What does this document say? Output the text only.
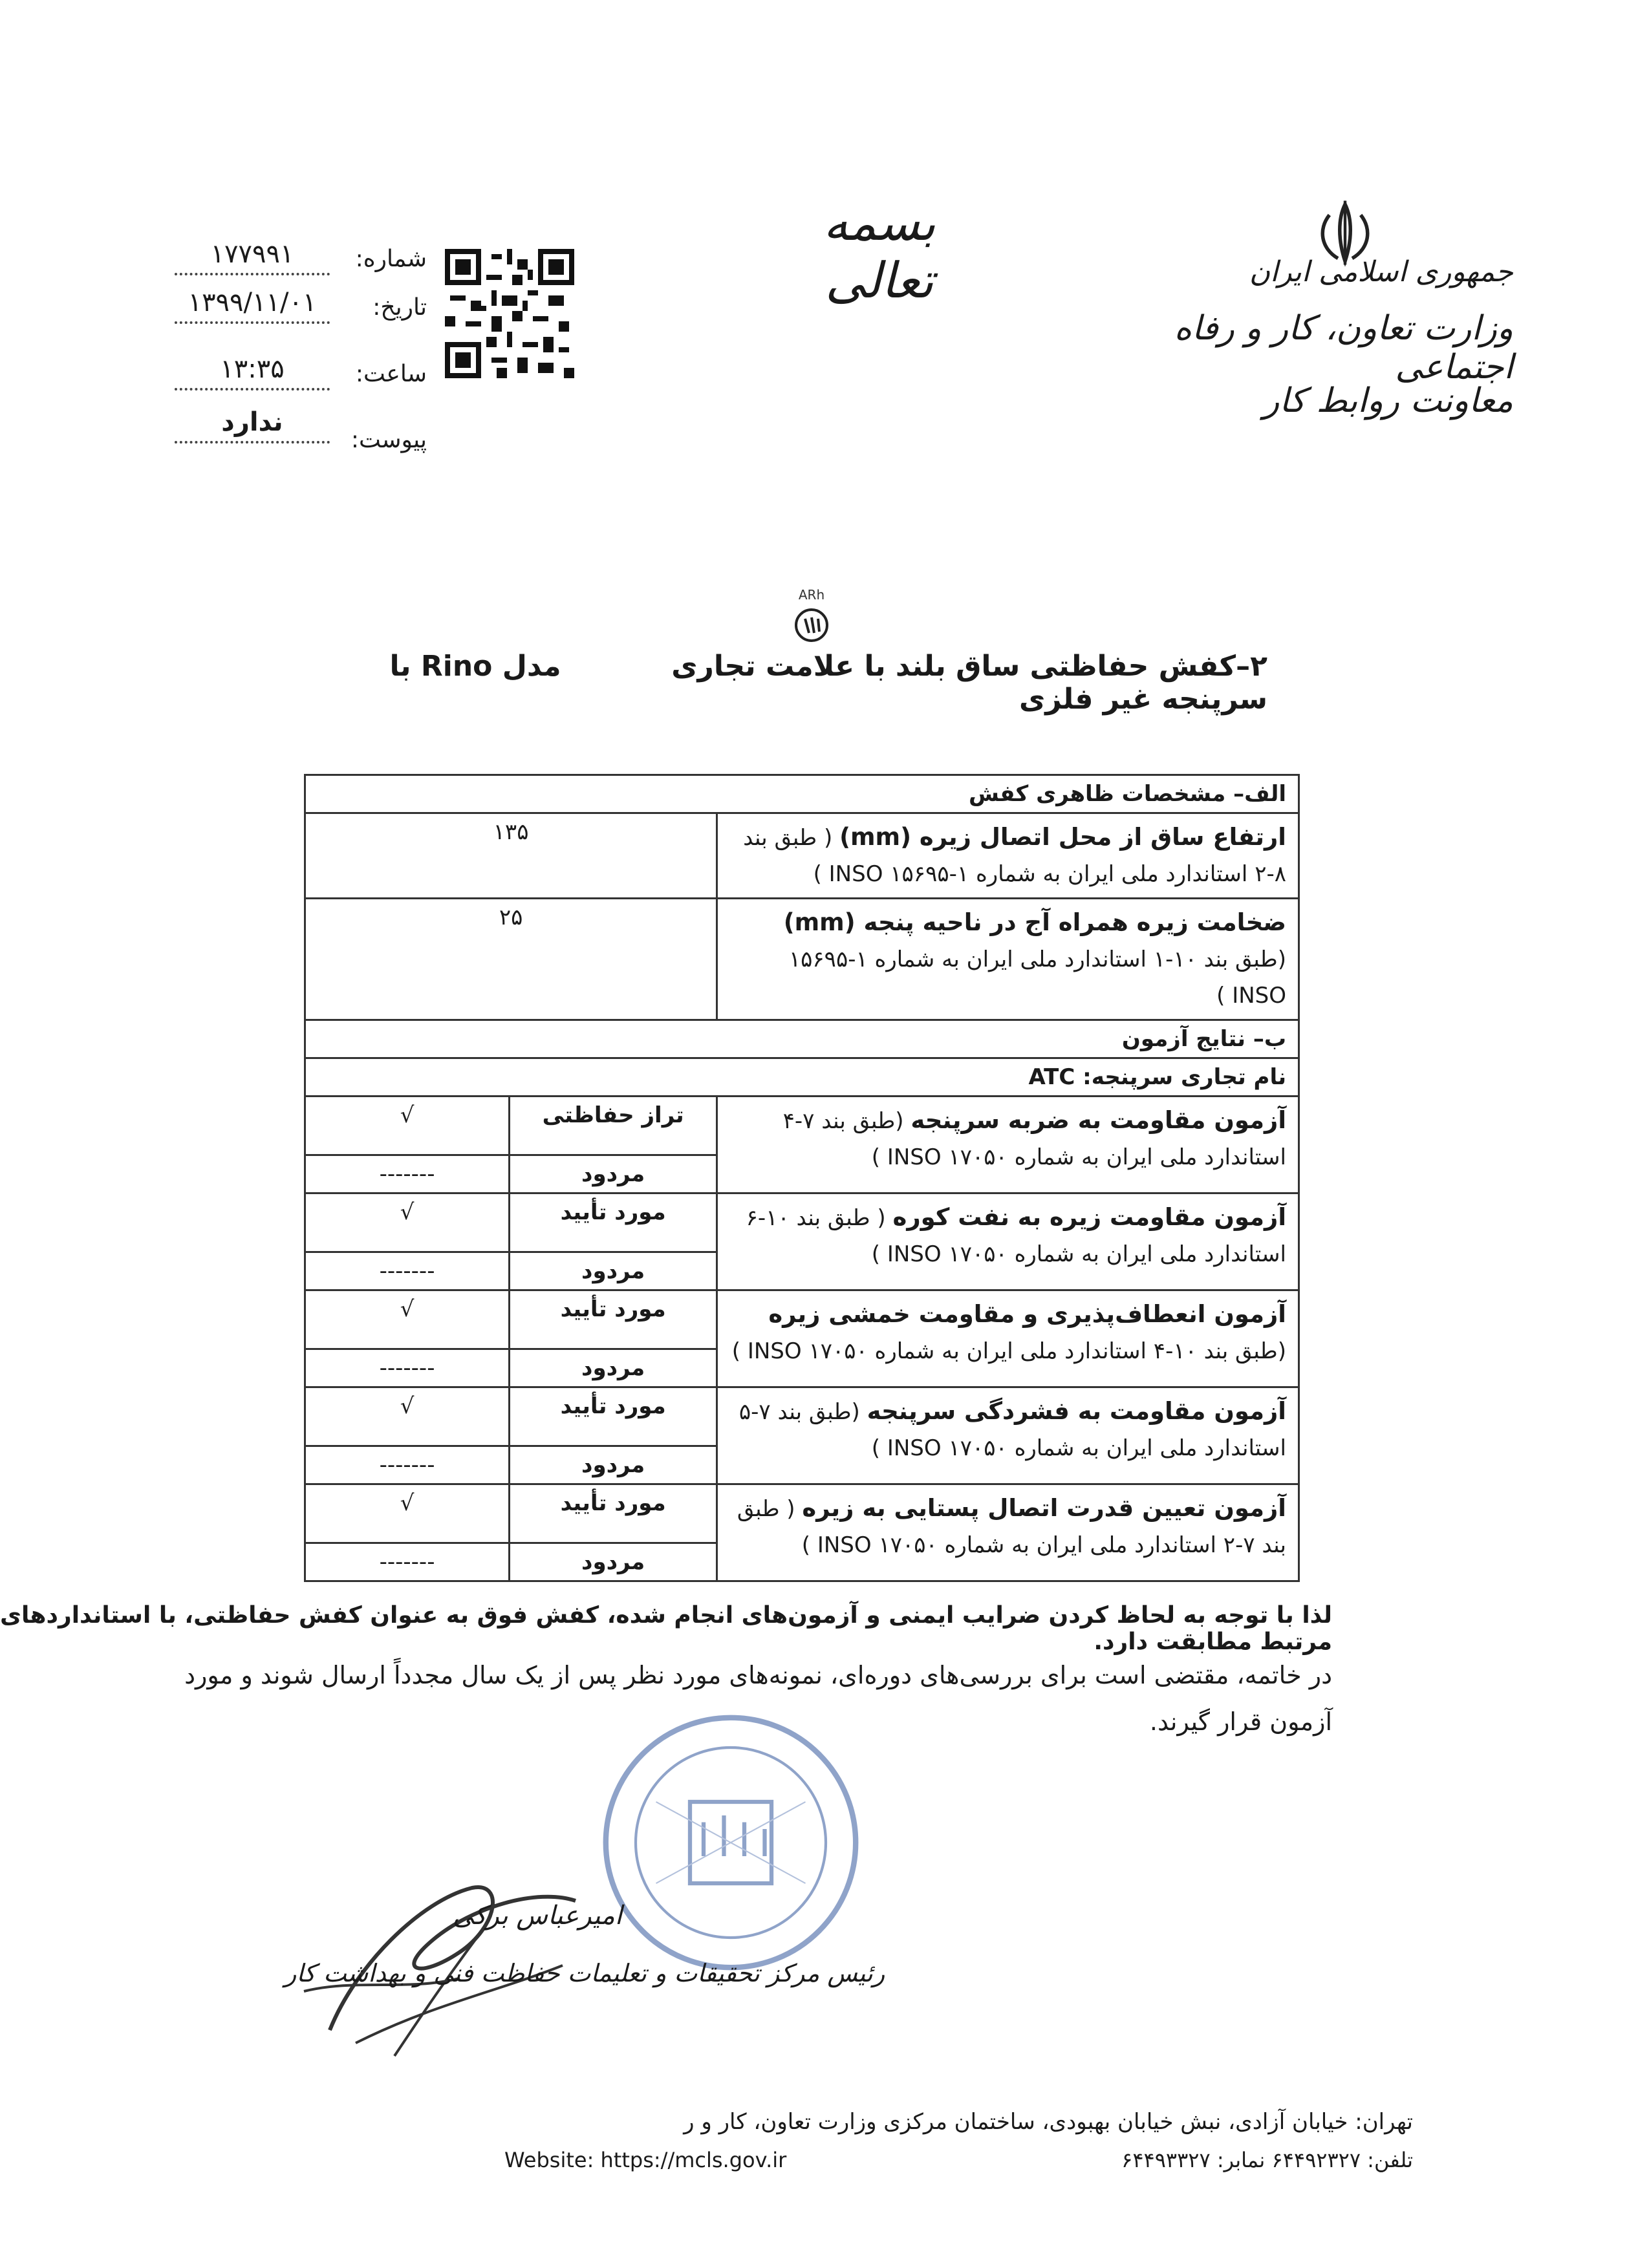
بسمه تعالی	جمهوری اسلامی ایران
وزارت تعاون، کار و رفاه اجتماعی
معاونت روابط کار
شماره:
۱۷۷۹۹۱
تاریخ:
۱۳۹۹/۱۱/۰۱
ساعت:
۱۳:۳۵
پیوست:
ندارد
ARh
۲–کفش حفاظتی ساق بلند با علامت تجاری  مدل Rino با سرپنجه غیر فلزی
الف– مشخصات ظاهری کفش		
ارتفاع ساق از محل اتصال زیره (mm) ( طبق بند ۸-۲ استاندارد ملی ایران به شماره ۱-۱۵۶۹۵ INSO )	۱۳۵	
ضخامت زیره همراه آج در ناحیه پنجه (mm) (طبق بند ۱۰-۱ استاندارد ملی ایران به شماره ۱-۱۵۶۹۵ INSO )	۲۵	
ب– نتایج آزمون		
نام تجاری سرپنجه: ATC		
آزمون مقاومت به ضربه سرپنجه (طبق بند ۷-۴ استاندارد ملی ایران به شماره ۱۷۰۵۰ INSO )	تراز حفاظتی	√
	مردود	-------
آزمون مقاومت زیره به نفت کوره ( طبق بند ۱۰-۶ استاندارد ملی ایران به شماره ۱۷۰۵۰ INSO )	مورد تأیید	√
	مردود	-------
آزمون انعطاف‌پذیری و مقاومت خمشی زیره (طبق بند ۱۰-۴ استاندارد ملی ایران به شماره ۱۷۰۵۰ INSO )	مورد تأیید	√
	مردود	-------
آزمون مقاومت به فشردگی سرپنجه (طبق بند ۷-۵ استاندارد ملی ایران به شماره ۱۷۰۵۰ INSO )	مورد تأیید	√
	مردود	-------
آزمون تعیین قدرت اتصال پستایی به زیره ( طبق بند ۷-۲ استاندارد ملی ایران به شماره ۱۷۰۵۰ INSO )	مورد تأیید	√
	مردود	-------
لذا با توجه به لحاظ کردن ضرایب ایمنی و آزمون‌های انجام شده، کفش فوق به عنوان کفش حفاظتی، با استانداردهای مرتبط مطابقت دارد.
در خاتمه، مقتضی است برای بررسی‌های دوره‌ای، نمونه‌های مورد نظر پس از یک سال مجدداً ارسال شوند و مورد آزمون قرار گیرند.
امیرعباس برکی
رئیس مرکز تحقیقات و تعلیمات حفاظت فنی و بهداشت کار
تهران: خیابان آزادی، نبش خیابان بهبودی، ساختمان مرکزی وزارت تعاون، کار و ر
تلفن: ۶۴۴۹۲۳۲۷ نمابر: ۶۴۴۹۳۳۲۷
Website: https://mcls.gov.ir
